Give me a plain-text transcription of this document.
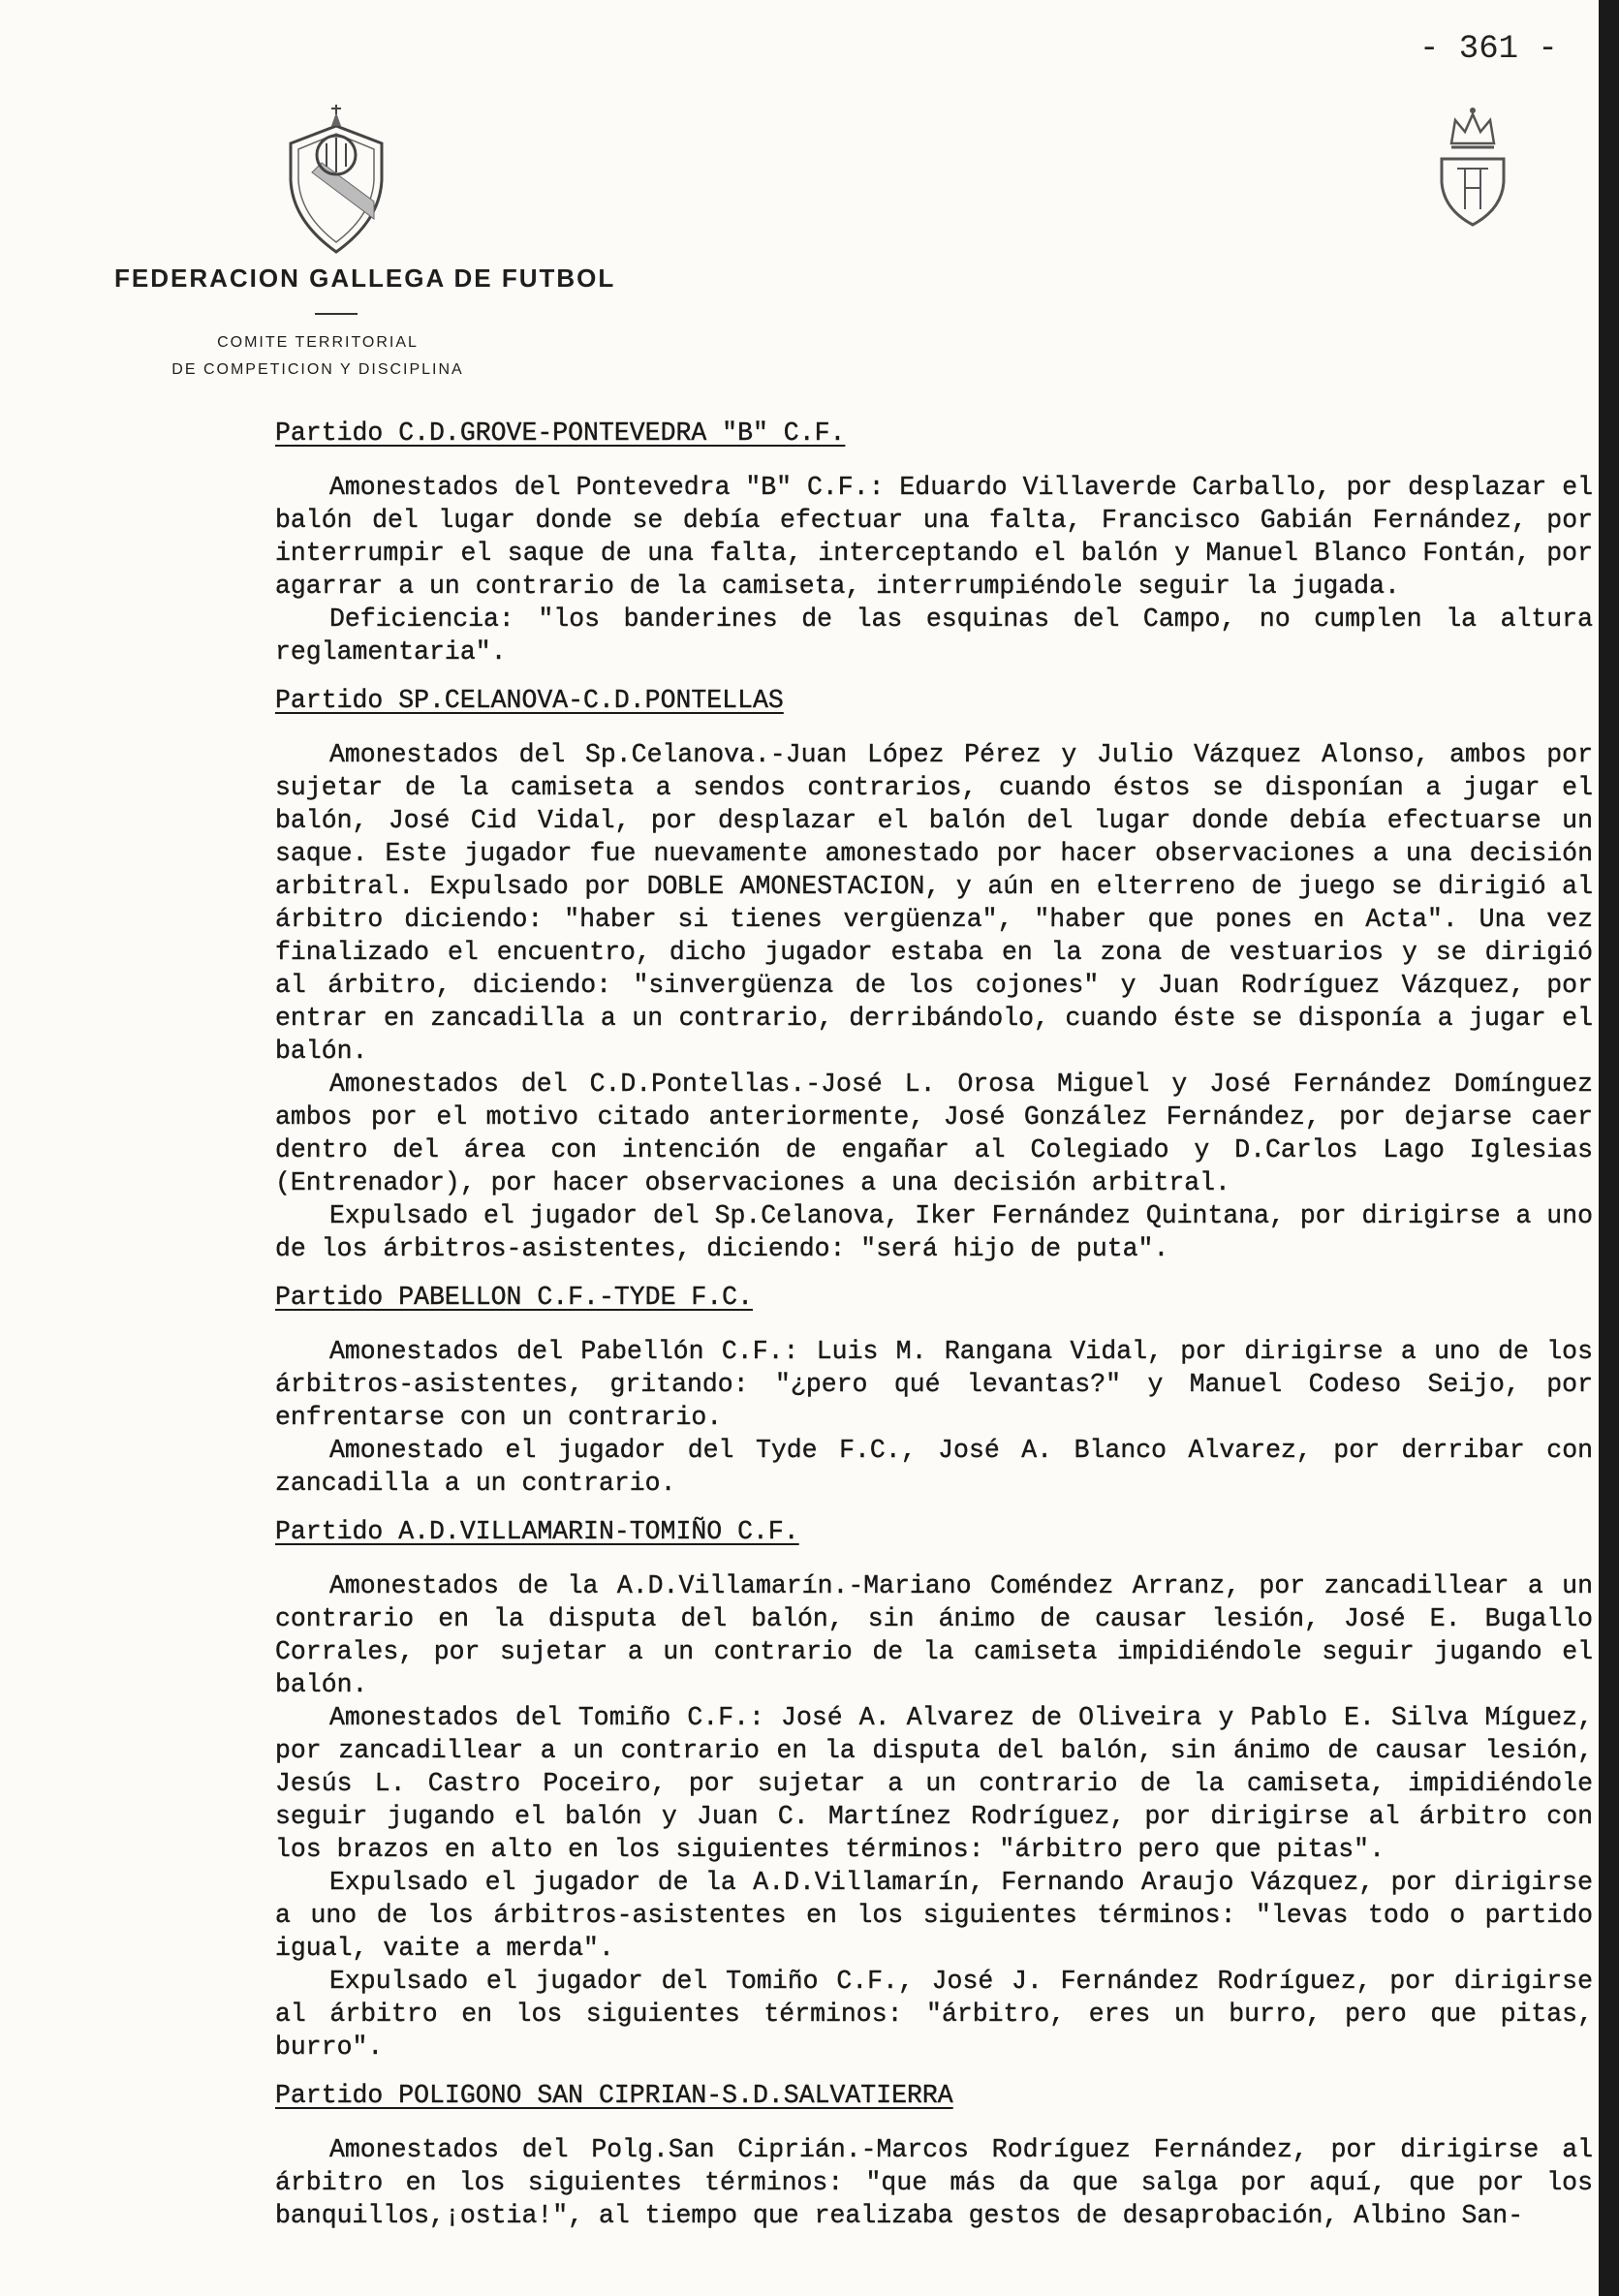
- 361 -
FEDERACION GALLEGA DE FUTBOL
COMITE TERRITORIAL
DE COMPETICION Y DISCIPLINA
Partido C.D.GROVE-PONTEVEDRA "B" C.F.

Amonestados del Pontevedra "B" C.F.: Eduardo Villaverde Carballo, por desplazar el balón del lugar donde se debía efectuar una falta, Francisco Gabián Fernández, por interrumpir el saque de una falta, interceptando el balón y Manuel Blanco Fontán, por agarrar a un contrario de la camiseta, interrumpiéndole seguir la jugada.

Deficiencia: "los banderines de las esquinas del Campo, no cumplen la altura reglamentaria".

Partido SP.CELANOVA-C.D.PONTELLAS

Amonestados del Sp.Celanova.-Juan López Pérez y Julio Vázquez Alonso, ambos por sujetar de la camiseta a sendos contrarios, cuando éstos se disponían a jugar el balón, José Cid Vidal, por desplazar el balón del lugar donde debía efectuarse un saque. Este jugador fue nuevamente amonestado por hacer observaciones a una decisión arbitral. Expulsado por DOBLE AMONESTACION, y aún en elterreno de juego se dirigió al árbitro diciendo: "haber si tienes vergüenza", "haber que pones en Acta". Una vez finalizado el encuentro, dicho jugador estaba en la zona de vestuarios y se dirigió al árbitro, diciendo: "sinvergüenza de los cojones" y Juan Rodríguez Vázquez, por entrar en zancadilla a un contrario, derribándolo, cuando éste se disponía a jugar el balón.

Amonestados del C.D.Pontellas.-José L. Orosa Miguel y José Fernández Domínguez ambos por el motivo citado anteriormente, José González Fernández, por dejarse caer dentro del área con intención de engañar al Colegiado y D.Carlos Lago Iglesias (Entrenador), por hacer observaciones a una decisión arbitral.

Expulsado el jugador del Sp.Celanova, Iker Fernández Quintana, por dirigirse a uno de los árbitros-asistentes, diciendo: "será hijo de puta".

Partido PABELLON C.F.-TYDE F.C.

Amonestados del Pabellón C.F.: Luis M. Rangana Vidal, por dirigirse a uno de los árbitros-asistentes, gritando: "¿pero qué levantas?" y Manuel Codeso Seijo, por enfrentarse con un contrario.

Amonestado el jugador del Tyde F.C., José A. Blanco Alvarez, por derribar con zancadilla a un contrario.

Partido A.D.VILLAMARIN-TOMIÑO C.F.

Amonestados de la A.D.Villamarín.-Mariano Coméndez Arranz, por zancadillear a un contrario en la disputa del balón, sin ánimo de causar lesión, José E. Bugallo Corrales, por sujetar a un contrario de la camiseta impidiéndole seguir jugando el balón.

Amonestados del Tomiño C.F.: José A. Alvarez de Oliveira y Pablo E. Silva Míguez, por zancadillear a un contrario en la disputa del balón, sin ánimo de causar lesión, Jesús L. Castro Poceiro, por sujetar a un contrario de la camiseta, impidiéndole seguir jugando el balón y Juan C. Martínez Rodríguez, por dirigirse al árbitro con los brazos en alto en los siguientes términos: "árbitro pero que pitas".

Expulsado el jugador de la A.D.Villamarín, Fernando Araujo Vázquez, por dirigirse a uno de los árbitros-asistentes en los siguientes términos: "levas todo o partido igual, vaite a merda".

Expulsado el jugador del Tomiño C.F., José J. Fernández Rodríguez, por dirigirse al árbitro en los siguientes términos: "árbitro, eres un burro, pero que pitas, burro".

Partido POLIGONO SAN CIPRIAN-S.D.SALVATIERRA

Amonestados del Polg.San Ciprián.-Marcos Rodríguez Fernández, por dirigirse al árbitro en los siguientes términos: "que más da que salga por aquí, que por los banquillos,¡ostia!", al tiempo que realizaba gestos de desaprobación, Albino San-
